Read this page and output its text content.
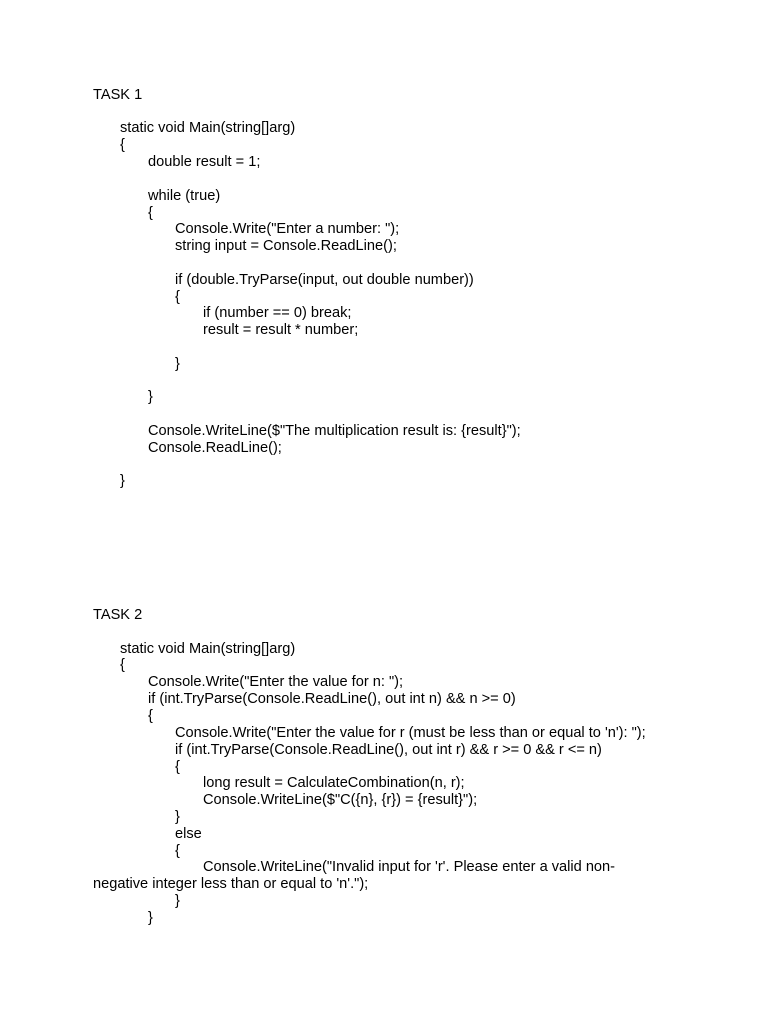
TASK 1

static void Main(string[]arg)

{

double result = 1;

while (true)

{

Console.Write("Enter a number: ");

string input = Console.ReadLine();

if (double.TryParse(input, out double number))

{

if (number == 0) break;

result = result * number;

}

}

Console.WriteLine($"The multiplication result is: {result}");

Console.ReadLine();

}

TASK 2

static void Main(string[]arg)

{

Console.Write("Enter the value for n: ");

if (int.TryParse(Console.ReadLine(), out int n) && n >= 0)

{

Console.Write("Enter the value for r (must be less than or equal to 'n'): ");

if (int.TryParse(Console.ReadLine(), out int r) && r >= 0 && r <= n)

{

long result = CalculateCombination(n, r);

Console.WriteLine($"C({n}, {r}) = {result}");

}

else

{

Console.WriteLine("Invalid input for 'r'. Please enter a valid non-

negative integer less than or equal to 'n'.");

}

}
